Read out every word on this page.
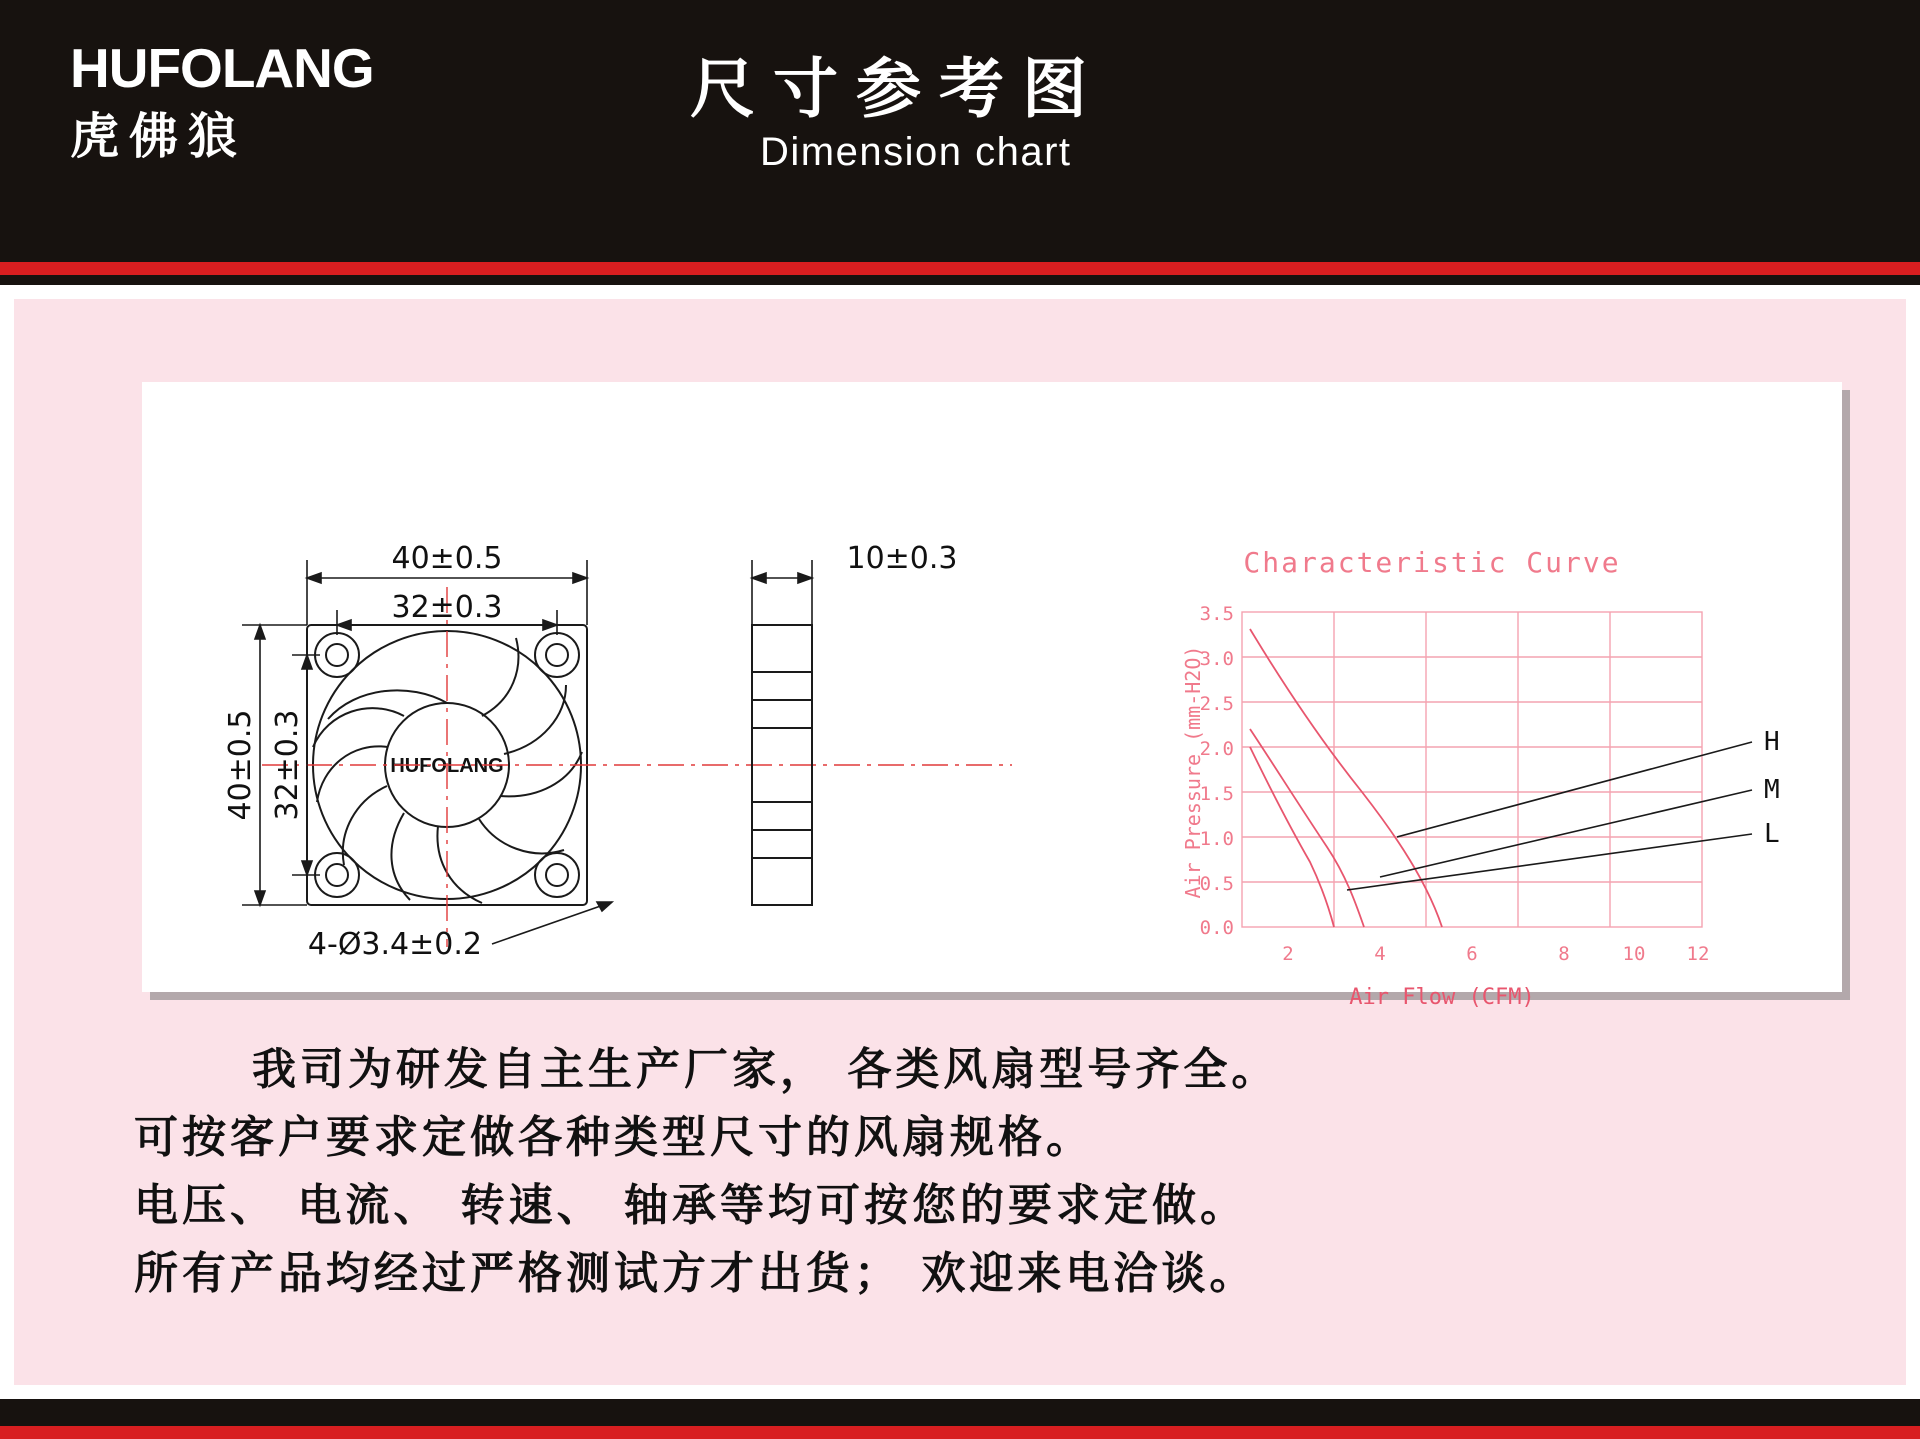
HUFOLANG
虎佛狼
尺寸参考图
Dimension chart
HUFOLANG
40±0.5
32±0.3
40±0.5 32±0.3
4-Ø3.4±0.2
10±0.3	Characteristic Curve
3.5
3.0
2.5
2.0
1.5
1.0
0.5
0.0
2	4	6	8	10 12
Air Pressure (mm-H2O)
Air Flow (CFM)
H
M
L

我司为研发自主生产厂家， 各类风扇型号齐全。

可按客户要求定做各种类型尺寸的风扇规格。

电压、 电流、 转速、 轴承等均可按您的要求定做。

所有产品均经过严格测试方才出货； 欢迎来电洽谈。
